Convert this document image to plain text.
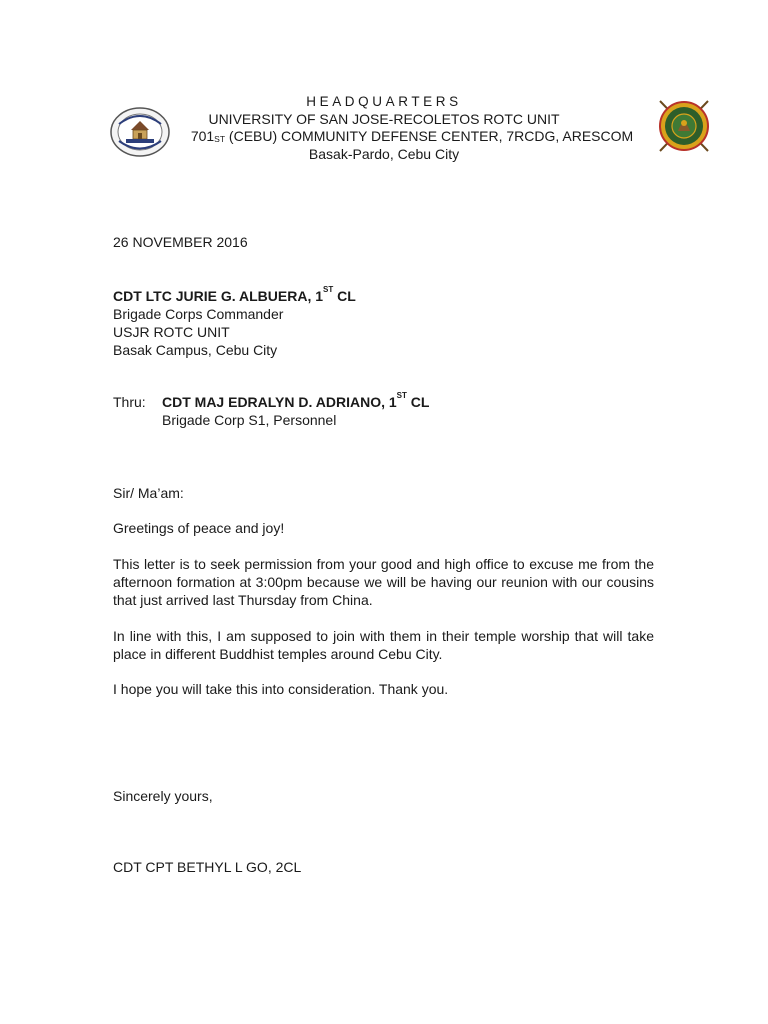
HEADQUARTERS
UNIVERSITY OF SAN JOSE-RECOLETOS ROTC UNIT
$701_{ST}$ (CEBU) COMMUNITY DEFENSE CENTER, 7RCDG, ARESCOM
Basak-Pardo, Cebu City
26 NOVEMBER 2016
CDT LTC JURIE G. ALBUERA, 1ST CL
Brigade Corps Commander
USJR ROTC UNIT
Basak Campus, Cebu City
Thru: CDT MAJ EDRALYN D. ADRIANO, 1ST CL
Brigade Corp S1, Personnel
Sir/ Ma’am:
Greetings of peace and joy!
This letter is to seek permission from your good and high office to excuse me from the afternoon formation at 3:00pm because we will be having our reunion with our cousins that just arrived last Thursday from China.
In line with this, I am supposed to join with them in their temple worship that will take place in different Buddhist temples around Cebu City.
I hope you will take this into consideration. Thank you.
Sincerely yours,
CDT CPT BETHYL L GO, 2CL
